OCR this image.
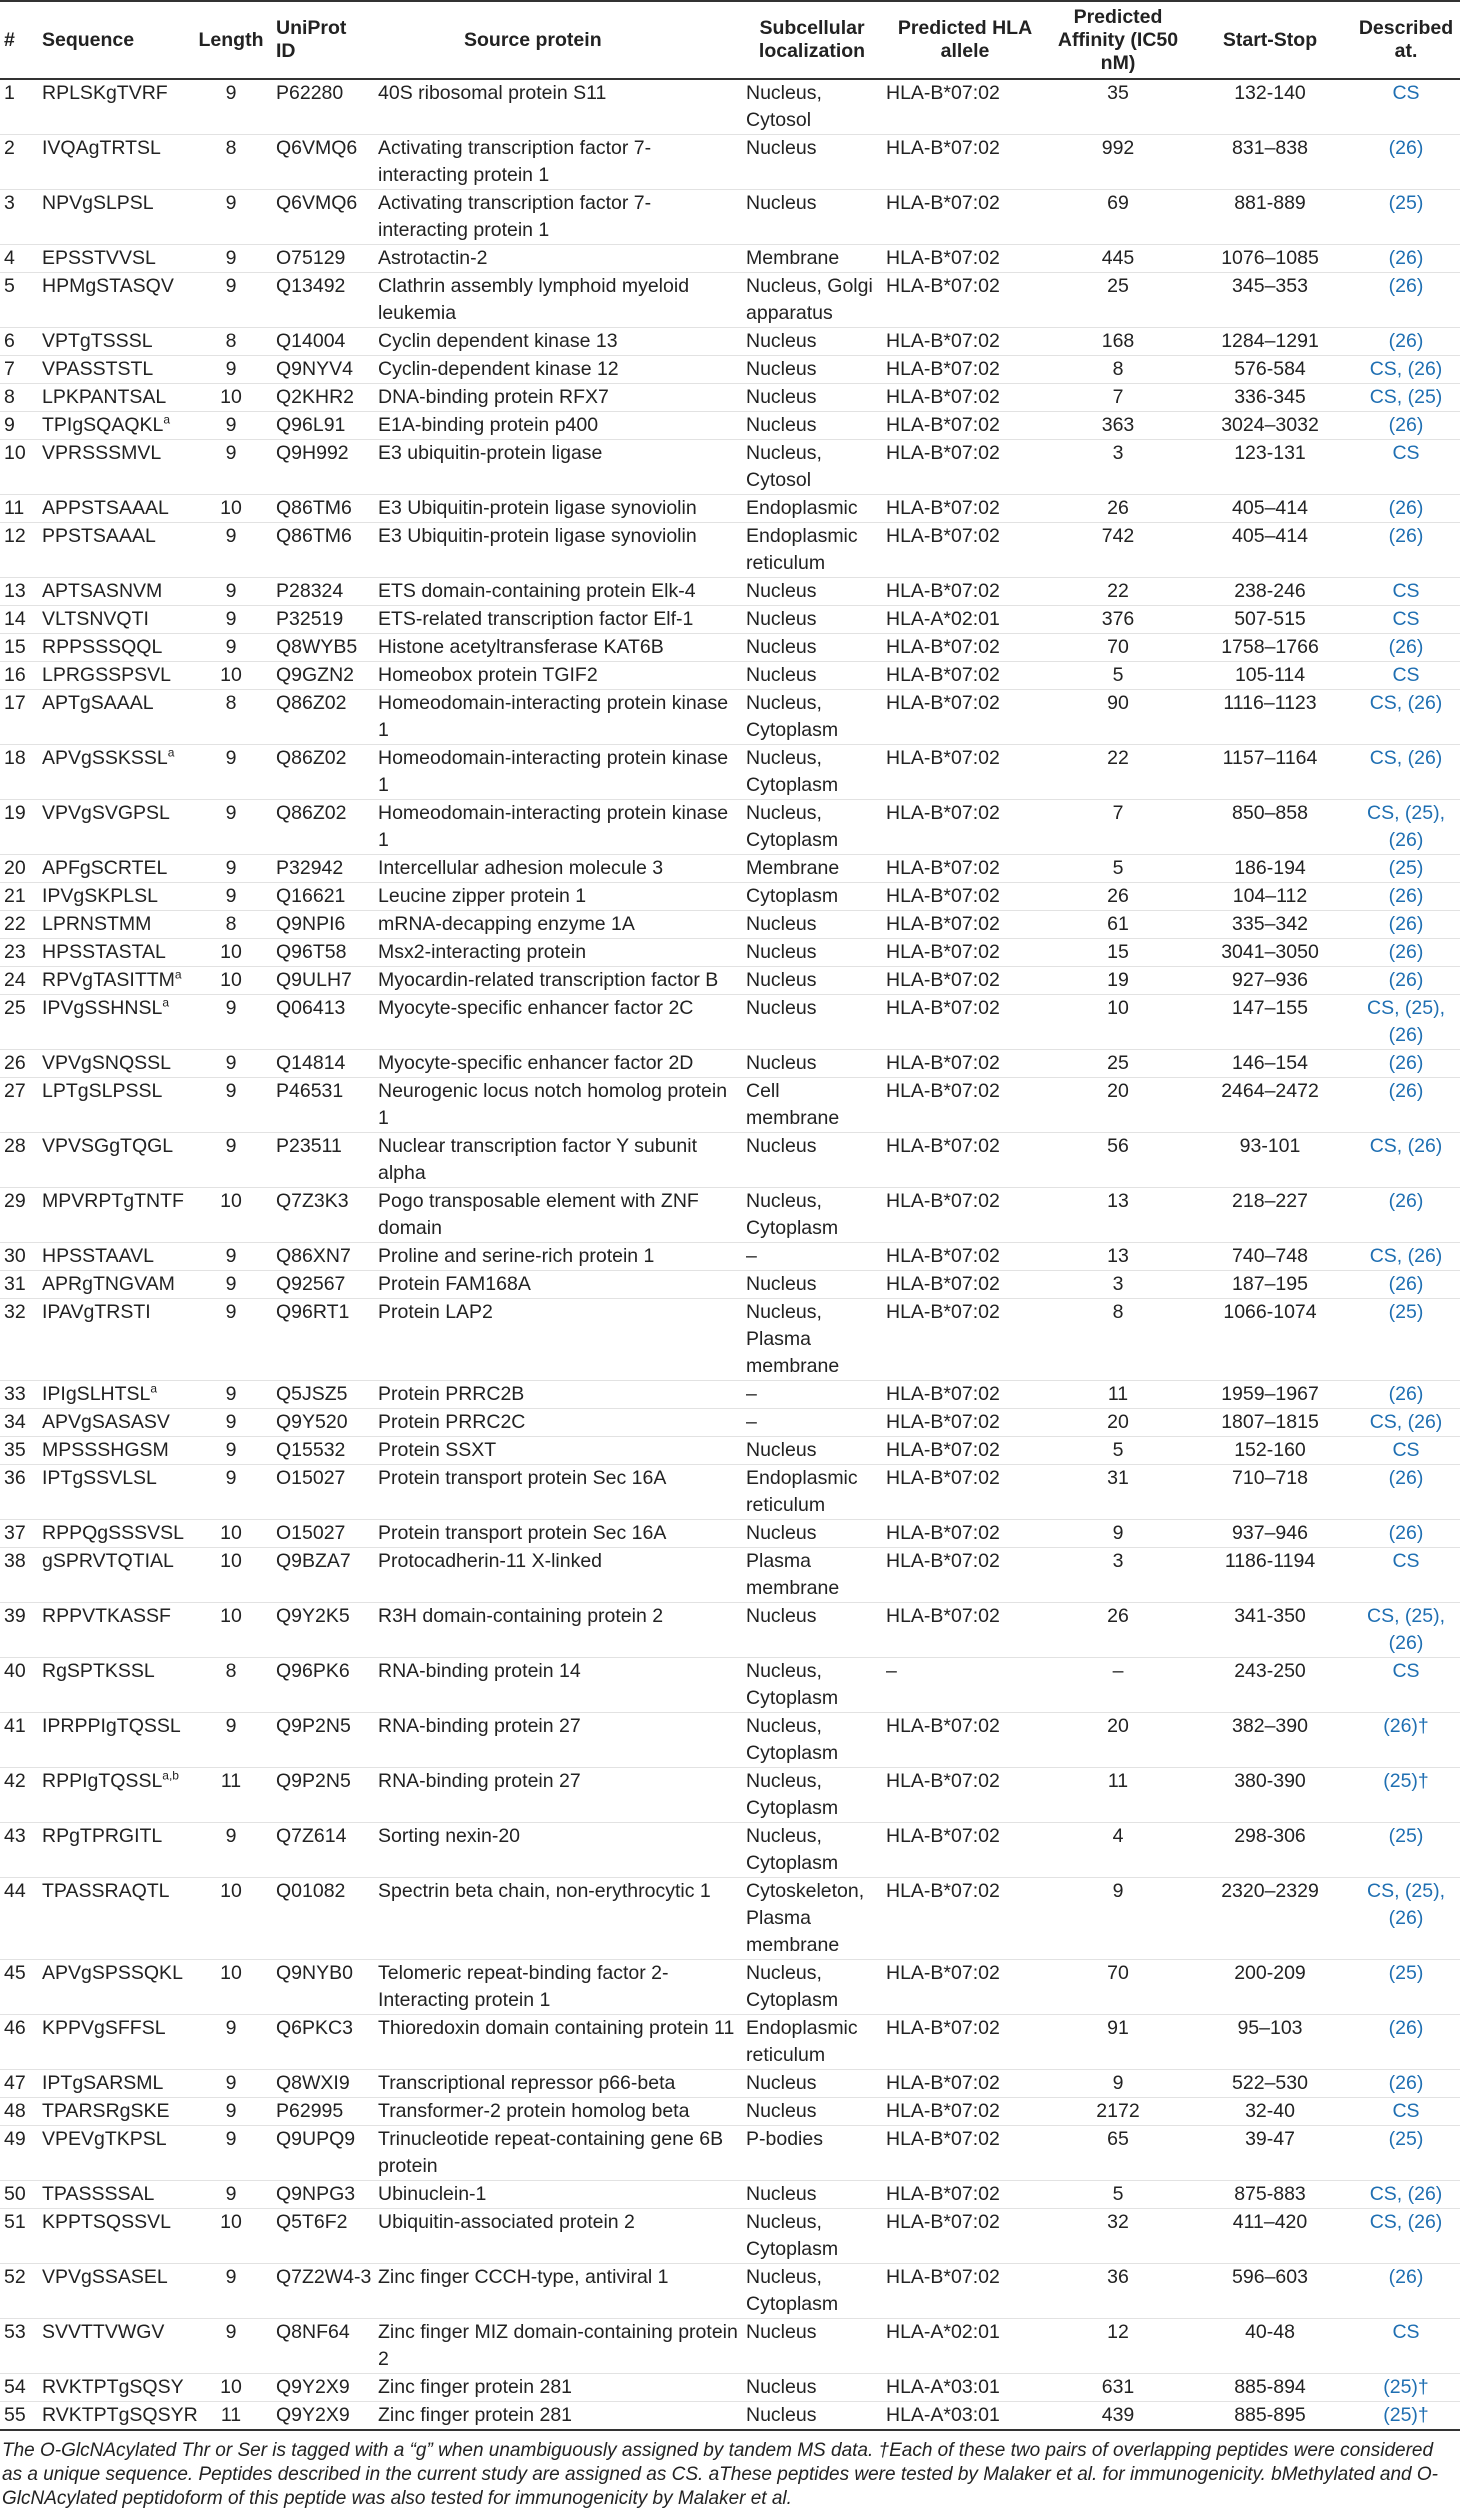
#	Sequence	Length	UniProt ID	Source protein	Subcellular localization	Predicted HLA allele	Predicted Affinity (IC50 nM)	Start-Stop	Described at.
1	RPLSKgTVRF	9	P62280	40S ribosomal protein S11	Nucleus, Cytosol	HLA-B*07:02	35	132-140	CS
2	IVQAgTRTSL	8	Q6VMQ6	Activating transcription factor 7-interacting protein 1	Nucleus	HLA-B*07:02	992	831–838	(26)
3	NPVgSLPSL	9	Q6VMQ6	Activating transcription factor 7-interacting protein 1	Nucleus	HLA-B*07:02	69	881-889	(25)
4	EPSSTVVSL	9	O75129	Astrotactin-2	Membrane	HLA-B*07:02	445	1076–1085	(26)
5	HPMgSTASQV	9	Q13492	Clathrin assembly lymphoid myeloid leukemia	Nucleus, Golgi apparatus	HLA-B*07:02	25	345–353	(26)
6	VPTgTSSSL	8	Q14004	Cyclin dependent kinase 13	Nucleus	HLA-B*07:02	168	1284–1291	(26)
7	VPASSTSTL	9	Q9NYV4	Cyclin-dependent kinase 12	Nucleus	HLA-B*07:02	8	576-584	CS, (26)
8	LPKPANTSAL	10	Q2KHR2	DNA-binding protein RFX7	Nucleus	HLA-B*07:02	7	336-345	CS, (25)
9	TPIgSQAQKL$^a$	9	Q96L91	E1A-binding protein p400	Nucleus	HLA-B*07:02	363	3024–3032	(26)
10	VPRSSSMVL	9	Q9H992	E3 ubiquitin-protein ligase	Nucleus, Cytosol	HLA-B*07:02	3	123-131	CS
11	APPSTSAAAL	10	Q86TM6	E3 Ubiquitin-protein ligase synoviolin	Endoplasmic	HLA-B*07:02	26	405–414	(26)
12	PPSTSAAAL	9	Q86TM6	E3 Ubiquitin-protein ligase synoviolin	Endoplasmic reticulum	HLA-B*07:02	742	405–414	(26)
13	APTSASNVM	9	P28324	ETS domain-containing protein Elk-4	Nucleus	HLA-B*07:02	22	238-246	CS
14	VLTSNVQTI	9	P32519	ETS-related transcription factor Elf-1	Nucleus	HLA-A*02:01	376	507-515	CS
15	RPPSSSQQL	9	Q8WYB5	Histone acetyltransferase KAT6B	Nucleus	HLA-B*07:02	70	1758–1766	(26)
16	LPRGSSPSVL	10	Q9GZN2	Homeobox protein TGIF2	Nucleus	HLA-B*07:02	5	105-114	CS
17	APTgSAAAL	8	Q86Z02	Homeodomain-interacting protein kinase 1	Nucleus, Cytoplasm	HLA-B*07:02	90	1116–1123	CS, (26)
18	APVgSSKSSL$^a$	9	Q86Z02	Homeodomain-interacting protein kinase 1	Nucleus, Cytoplasm	HLA-B*07:02	22	1157–1164	CS, (26)
19	VPVgSVGPSL	9	Q86Z02	Homeodomain-interacting protein kinase 1	Nucleus, Cytoplasm	HLA-B*07:02	7	850–858	CS, (25), (26)
20	APFgSCRTEL	9	P32942	Intercellular adhesion molecule 3	Membrane	HLA-B*07:02	5	186-194	(25)
21	IPVgSKPLSL	9	Q16621	Leucine zipper protein 1	Cytoplasm	HLA-B*07:02	26	104–112	(26)
22	LPRNSTMM	8	Q9NPI6	mRNA-decapping enzyme 1A	Nucleus	HLA-B*07:02	61	335–342	(26)
23	HPSSTASTAL	10	Q96T58	Msx2-interacting protein	Nucleus	HLA-B*07:02	15	3041–3050	(26)
24	RPVgTASITTM$^a$	10	Q9ULH7	Myocardin-related transcription factor B	Nucleus	HLA-B*07:02	19	927–936	(26)
25	IPVgSSHNSL$^a$	9	Q06413	Myocyte-specific enhancer factor 2C	Nucleus	HLA-B*07:02	10	147–155	CS, (25), (26)
26	VPVgSNQSSL	9	Q14814	Myocyte-specific enhancer factor 2D	Nucleus	HLA-B*07:02	25	146–154	(26)
27	LPTgSLPSSL	9	P46531	Neurogenic locus notch homolog protein 1	Cell membrane	HLA-B*07:02	20	2464–2472	(26)
28	VPVSGgTQGL	9	P23511	Nuclear transcription factor Y subunit alpha	Nucleus	HLA-B*07:02	56	93-101	CS, (26)
29	MPVRPTgTNTF	10	Q7Z3K3	Pogo transposable element with ZNF domain	Nucleus, Cytoplasm	HLA-B*07:02	13	218–227	(26)
30	HPSSTAAVL	9	Q86XN7	Proline and serine-rich protein 1	–	HLA-B*07:02	13	740–748	CS, (26)
31	APRgTNGVAM	9	Q92567	Protein FAM168A	Nucleus	HLA-B*07:02	3	187–195	(26)
32	IPAVgTRSTI	9	Q96RT1	Protein LAP2	Nucleus, Plasma membrane	HLA-B*07:02	8	1066-1074	(25)
33	IPIgSLHTSL$^a$	9	Q5JSZ5	Protein PRRC2B	–	HLA-B*07:02	11	1959–1967	(26)
34	APVgSASASV	9	Q9Y520	Protein PRRC2C	–	HLA-B*07:02	20	1807–1815	CS, (26)
35	MPSSSHGSM	9	Q15532	Protein SSXT	Nucleus	HLA-B*07:02	5	152-160	CS
36	IPTgSSVLSL	9	O15027	Protein transport protein Sec 16A	Endoplasmic reticulum	HLA-B*07:02	31	710–718	(26)
37	RPPQgSSSVSL	10	O15027	Protein transport protein Sec 16A	Nucleus	HLA-B*07:02	9	937–946	(26)
38	gSPRVTQTIAL	10	Q9BZA7	Protocadherin-11 X-linked	Plasma membrane	HLA-B*07:02	3	1186-1194	CS
39	RPPVTKASSF	10	Q9Y2K5	R3H domain-containing protein 2	Nucleus	HLA-B*07:02	26	341-350	CS, (25), (26)
40	RgSPTKSSL	8	Q96PK6	RNA-binding protein 14	Nucleus, Cytoplasm	–	–	243-250	CS
41	IPRPPIgTQSSL	9	Q9P2N5	RNA-binding protein 27	Nucleus, Cytoplasm	HLA-B*07:02	20	382–390	(26)†
42	RPPIgTQSSL$^{a,b}$	11	Q9P2N5	RNA-binding protein 27	Nucleus, Cytoplasm	HLA-B*07:02	11	380-390	(25)†
43	RPgTPRGITL	9	Q7Z614	Sorting nexin-20	Nucleus, Cytoplasm	HLA-B*07:02	4	298-306	(25)
44	TPASSRAQTL	10	Q01082	Spectrin beta chain, non-erythrocytic 1	Cytoskeleton, Plasma membrane	HLA-B*07:02	9	2320–2329	CS, (25), (26)
45	APVgSPSSQKL	10	Q9NYB0	Telomeric repeat-binding factor 2-Interacting protein 1	Nucleus, Cytoplasm	HLA-B*07:02	70	200-209	(25)
46	KPPVgSFFSL	9	Q6PKC3	Thioredoxin domain containing protein 11	Endoplasmic reticulum	HLA-B*07:02	91	95–103	(26)
47	IPTgSARSML	9	Q8WXI9	Transcriptional repressor p66-beta	Nucleus	HLA-B*07:02	9	522–530	(26)
48	TPARSRgSKE	9	P62995	Transformer-2 protein homolog beta	Nucleus	HLA-B*07:02	2172	32-40	CS
49	VPEVgTKPSL	9	Q9UPQ9	Trinucleotide repeat-containing gene 6B protein	P-bodies	HLA-B*07:02	65	39-47	(25)
50	TPASSSSAL	9	Q9NPG3	Ubinuclein-1	Nucleus	HLA-B*07:02	5	875-883	CS, (26)
51	KPPTSQSSVL	10	Q5T6F2	Ubiquitin-associated protein 2	Nucleus, Cytoplasm	HLA-B*07:02	32	411–420	CS, (26)
52	VPVgSSASEL	9	Q7Z2W4-3	Zinc finger CCCH-type, antiviral 1	Nucleus, Cytoplasm	HLA-B*07:02	36	596–603	(26)
53	SVVTTVWGV	9	Q8NF64	Zinc finger MIZ domain-containing protein 2	Nucleus	HLA-A*02:01	12	40-48	CS
54	RVKTPTgSQSY	10	Q9Y2X9	Zinc finger protein 281	Nucleus	HLA-A*03:01	631	885-894	(25)†
55	RVKTPTgSQSYR	11	Q9Y2X9	Zinc finger protein 281	Nucleus	HLA-A*03:01	439	885-895	(25)†
The O-GlcNAcylated Thr or Ser is tagged with a “g” when unambiguously assigned by tandem MS data. †Each of these two pairs of overlapping peptides were considered as a unique sequence. Peptides described in the current study are assigned as CS. aThese peptides were tested by Malaker et al. for immunogenicity. bMethylated and O-GlcNAcylated peptidoform of this peptide was also tested for immunogenicity by Malaker et al.
